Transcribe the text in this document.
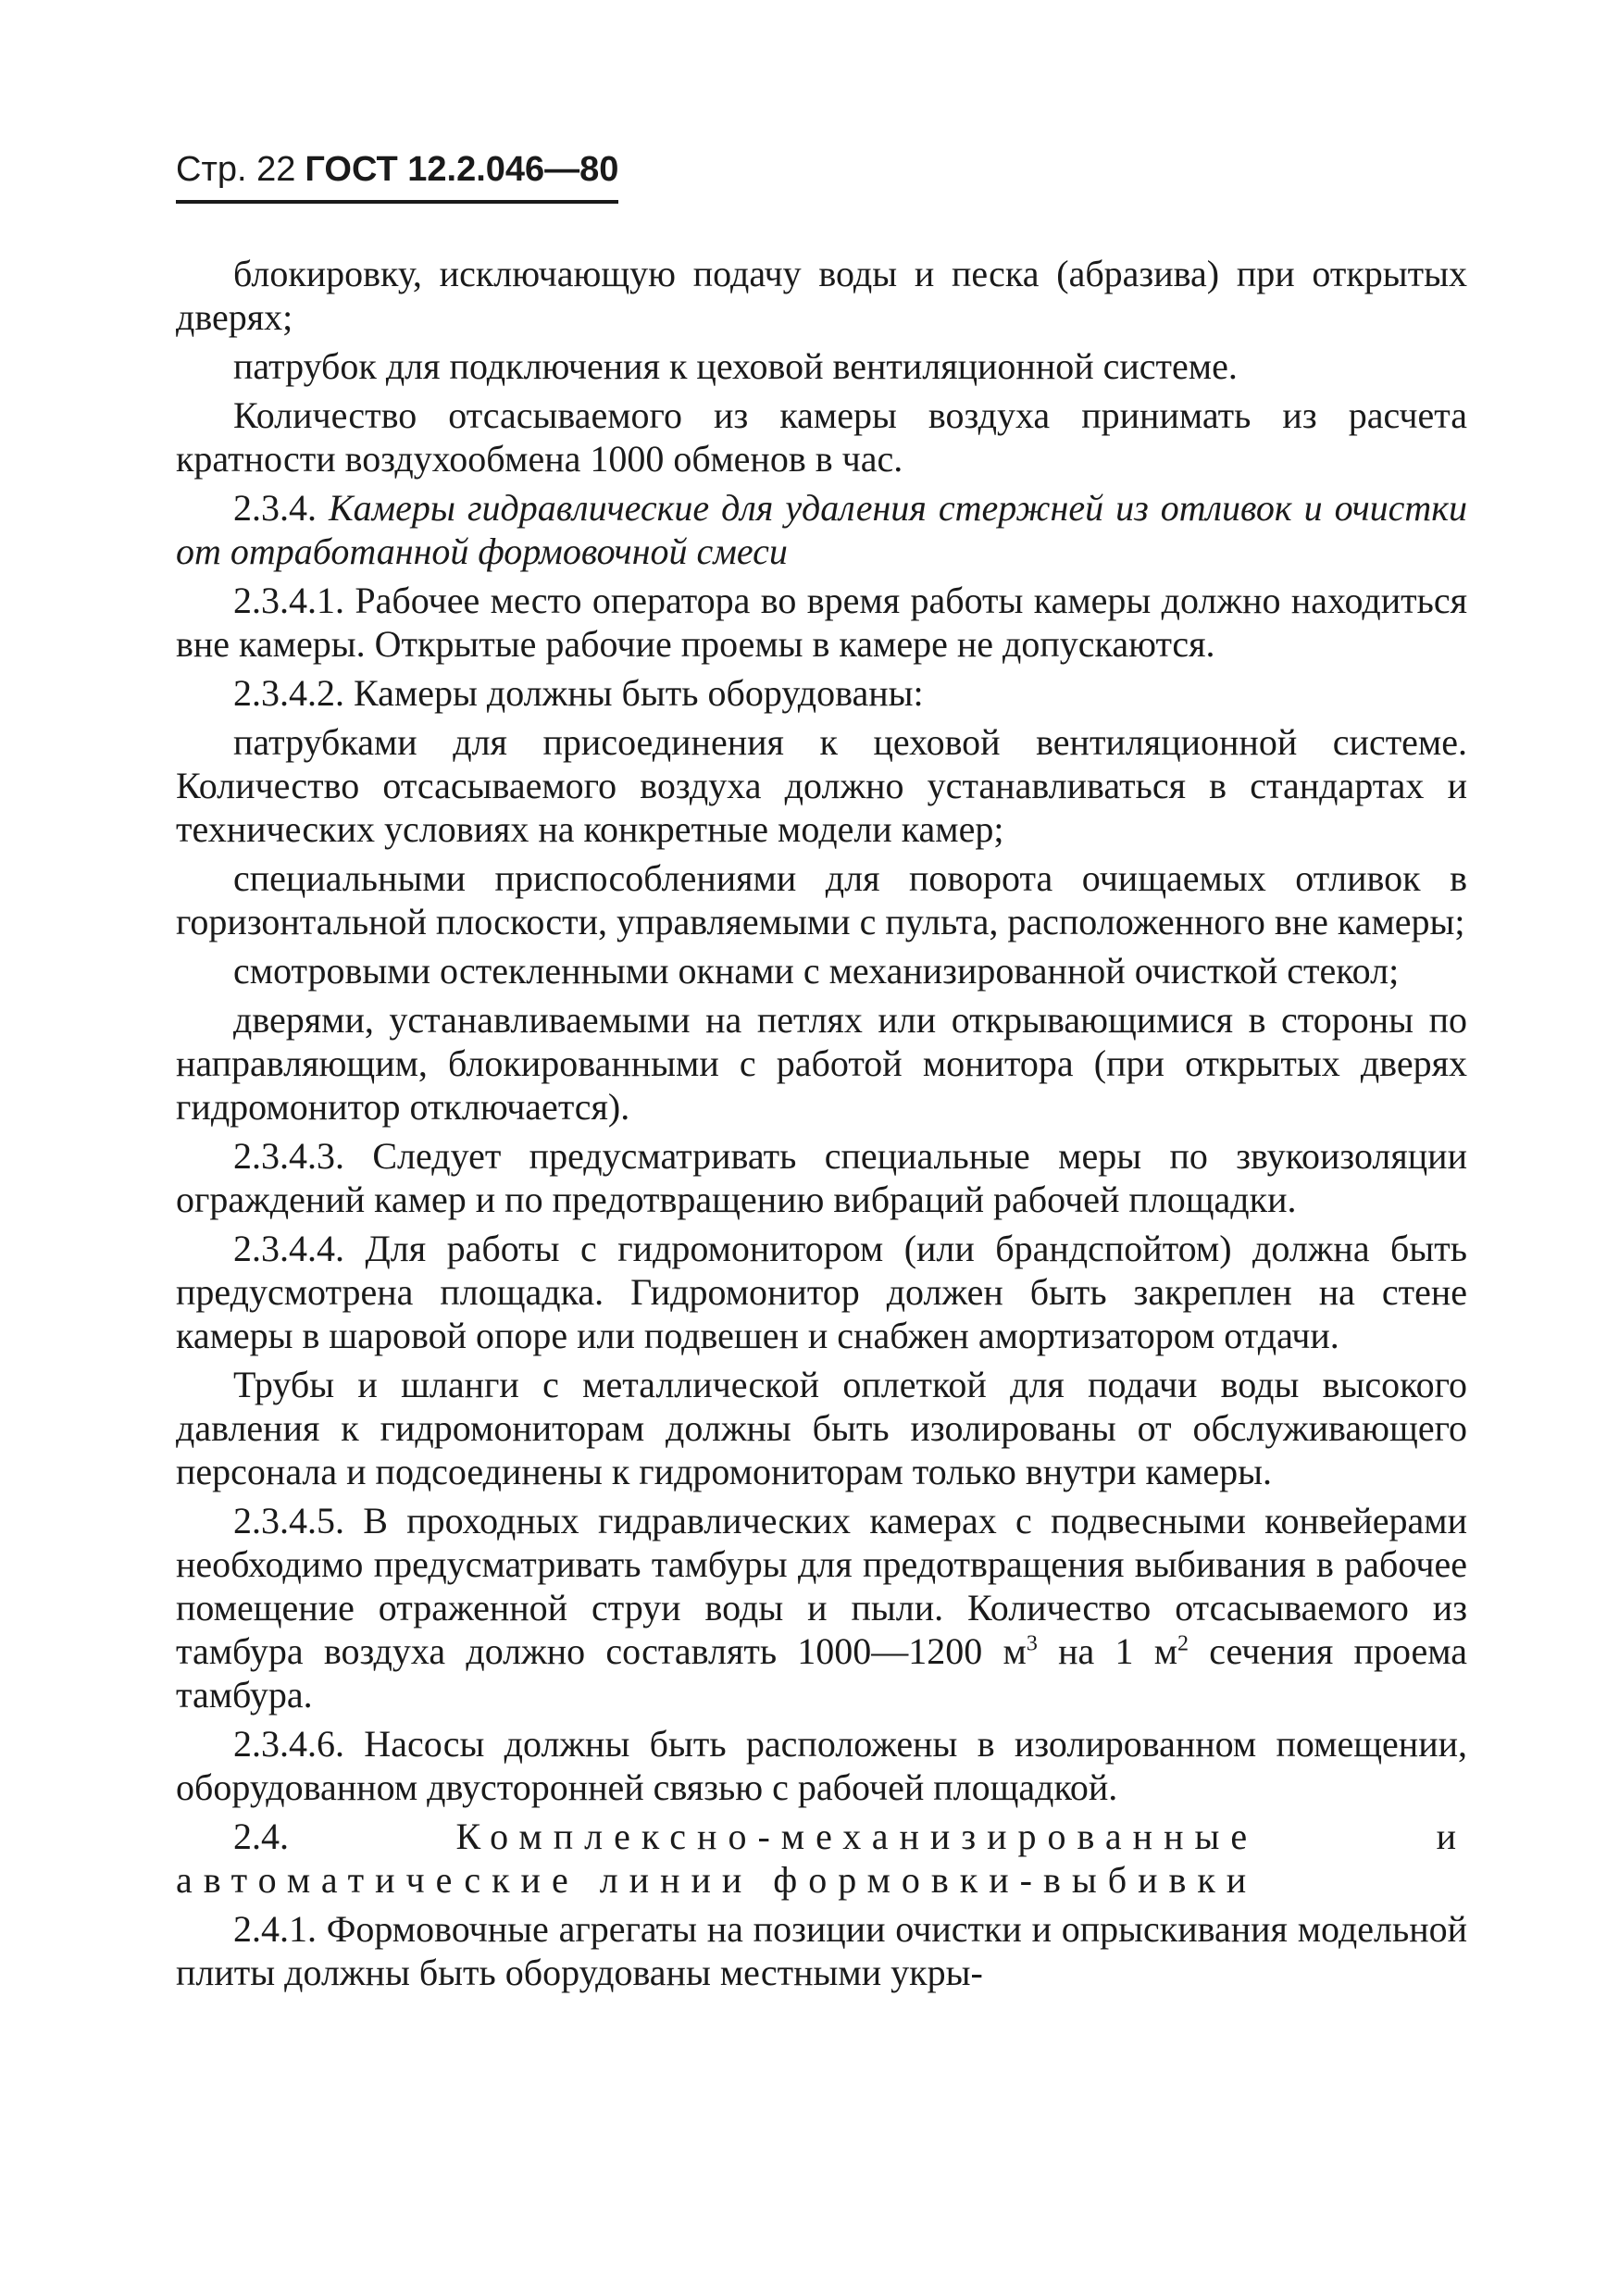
Стр. 22 ГОСТ 12.2.046—80

блокировку, исключающую подачу воды и песка (абразива) при открытых дверях;

патрубок для подключения к цеховой вентиляционной системе.

Количество отсасываемого из камеры воздуха принимать из расчета кратности воздухообмена 1000 обменов в час.

2.3.4. Камеры гидравлические для удаления стержней из отливок и очистки от отработанной формовочной смеси

2.3.4.1. Рабочее место оператора во время работы камеры должно находиться вне камеры. Открытые рабочие проемы в камере не допускаются.

2.3.4.2. Камеры должны быть оборудованы:

патрубками для присоединения к цеховой вентиляционной системе. Количество отсасываемого воздуха должно устанавливаться в стандартах и технических условиях на конкретные модели камер;

специальными приспособлениями для поворота очищаемых отливок в горизонтальной плоскости, управляемыми с пульта, расположенного вне камеры;

смотровыми остекленными окнами с механизированной очисткой стекол;

дверями, устанавливаемыми на петлях или открывающимися в стороны по направляющим, блокированными с работой монитора (при открытых дверях гидромонитор отключается).

2.3.4.3. Следует предусматривать специальные меры по звукоизоляции ограждений камер и по предотвращению вибраций рабочей площадки.

2.3.4.4. Для работы с гидромонитором (или брандспойтом) должна быть предусмотрена площадка. Гидромонитор должен быть закреплен на стене камеры в шаровой опоре или подвешен и снабжен амортизатором отдачи.

Трубы и шланги с металлической оплеткой для подачи воды высокого давления к гидромониторам должны быть изолированы от обслуживающего персонала и подсоединены к гидромониторам только внутри камеры.

2.3.4.5. В проходных гидравлических камерах с подвесными конвейерами необходимо предусматривать тамбуры для предотвращения выбивания в рабочее помещение отраженной струи воды и пыли. Количество отсасываемого из тамбура воздуха должно составлять 1000—1200 $м^3$ на 1 $м^2$ сечения проема тамбура.

2.3.4.6. Насосы должны быть расположены в изолированном помещении, оборудованном двусторонней связью с рабочей площадкой.

2.4. Комплексно-механизированные и автоматические линии формовки-выбивки

2.4.1. Формовочные агрегаты на позиции очистки и опрыскивания модельной плиты должны быть оборудованы местными укры-
